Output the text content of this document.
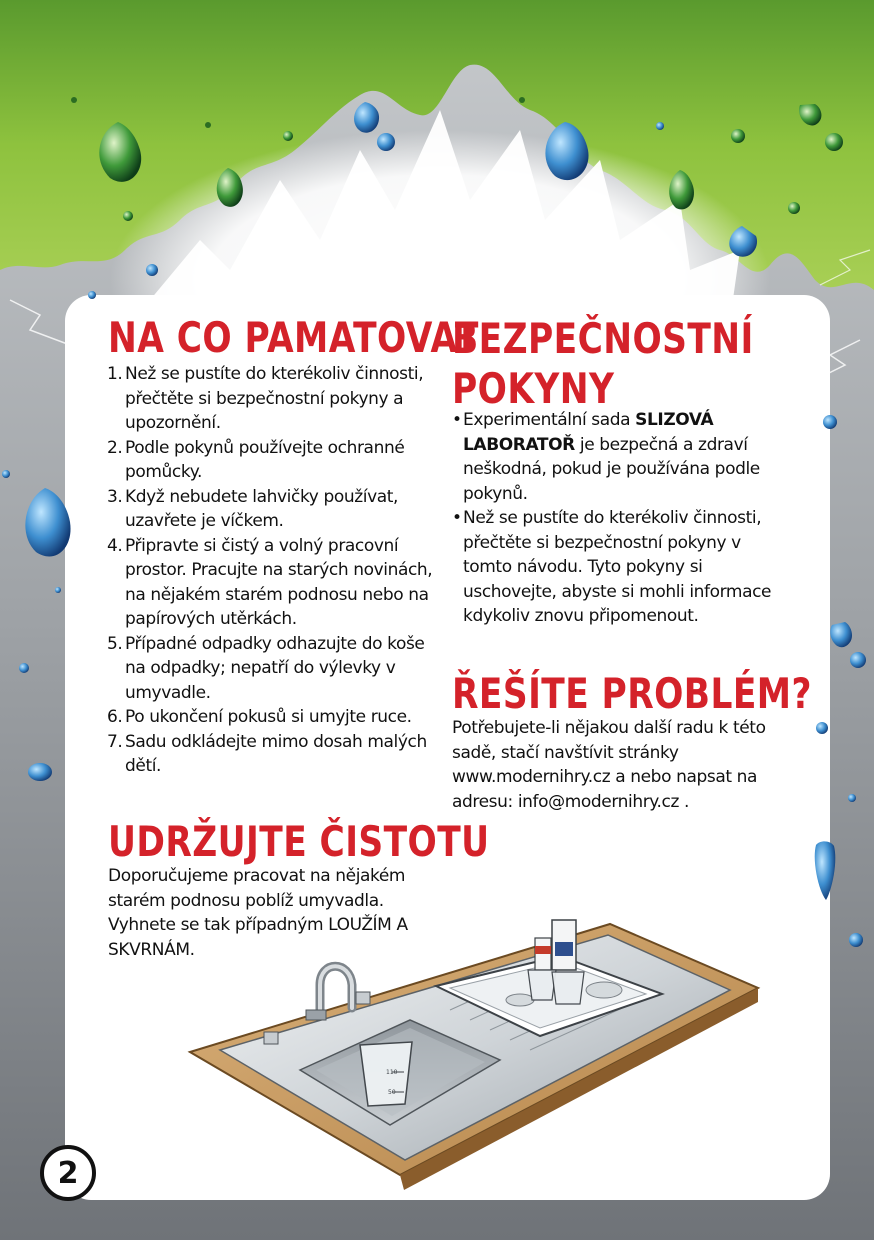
110
50
NA CO PAMATOVAT
1. Než se pustíte do kterékoliv činnosti, přečtěte si bezpečnostní pokyny a upozornění.
2. Podle pokynů používejte ochranné pomůcky.
3. Když nebudete lahvičky používat, uzavřete je víčkem.
4. Připravte si čistý a volný pracovní prostor. Pracujte na starých novinách, na nějakém starém podnosu nebo na papírových utěrkách.
5. Případné odpadky odhazujte do koše na odpadky; nepatří do výlevky v umyvadle.
6. Po ukončení pokusů si umyjte ruce.
7. Sadu odkládejte mimo dosah malých dětí.
BEZPEČNOSTNÍ
POKYNY
• Experimentální sada SLIZOVÁ LABORATOŘ je bezpečná a zdraví neškodná, pokud je používána podle pokynů.
• Než se pustíte do kterékoliv činnosti, přečtěte si bezpečnostní pokyny v tomto návodu. Tyto pokyny si uschovejte, abyste si mohli informace kdykoliv znovu připomenout.
ŘEŠÍTE PROBLÉM?

Potřebujete-li nějakou další radu k této sadě, stačí navštívit stránky www.modernihry.cz a nebo napsat na adresu: info@modernihry.cz .

UDRŽUJTE ČISTOTU

Doporučujeme pracovat na nějakém starém podnosu poblíž umyvadla. Vyhnete se tak případným LOUŽÍM A SKVRNÁM.

2
